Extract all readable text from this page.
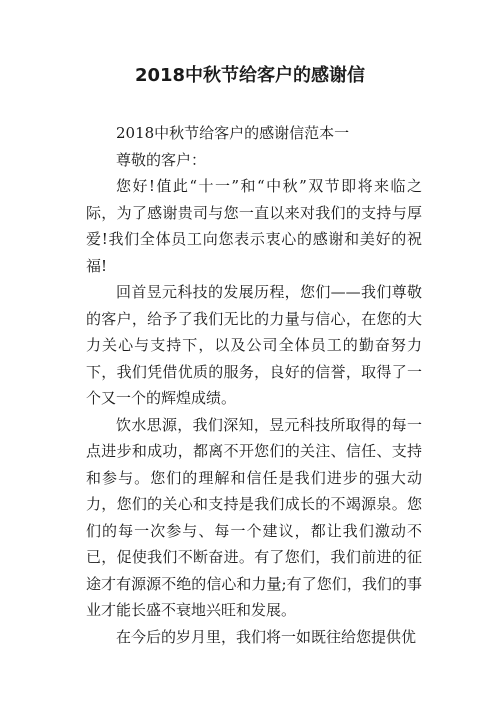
2018中秋节给客户的感谢信

2018中秋节给客户的感谢信范本一

尊敬的客户：

您好!值此“十一”和“中秋”双节即将来临之际，为了感谢贵司与您一直以来对我们的支持与厚爱!我们全体员工向您表示衷心的感谢和美好的祝福!

回首昱元科技的发展历程，您们——我们尊敬的客户，给予了我们无比的力量与信心，在您的大力关心与支持下，以及公司全体员工的勤奋努力下，我们凭借优质的服务，良好的信誉，取得了一个又一个的辉煌成绩。

饮水思源，我们深知，昱元科技所取得的每一点进步和成功，都离不开您们的关注、信任、支持和参与。您们的理解和信任是我们进步的强大动力，您们的关心和支持是我们成长的不竭源泉。您们的每一次参与、每一个建议，都让我们激动不已，促使我们不断奋进。有了您们，我们前进的征途才有源源不绝的信心和力量;有了您们，我们的事业才能长盛不衰地兴旺和发展。

在今后的岁月里，我们将一如既往给您提供优
